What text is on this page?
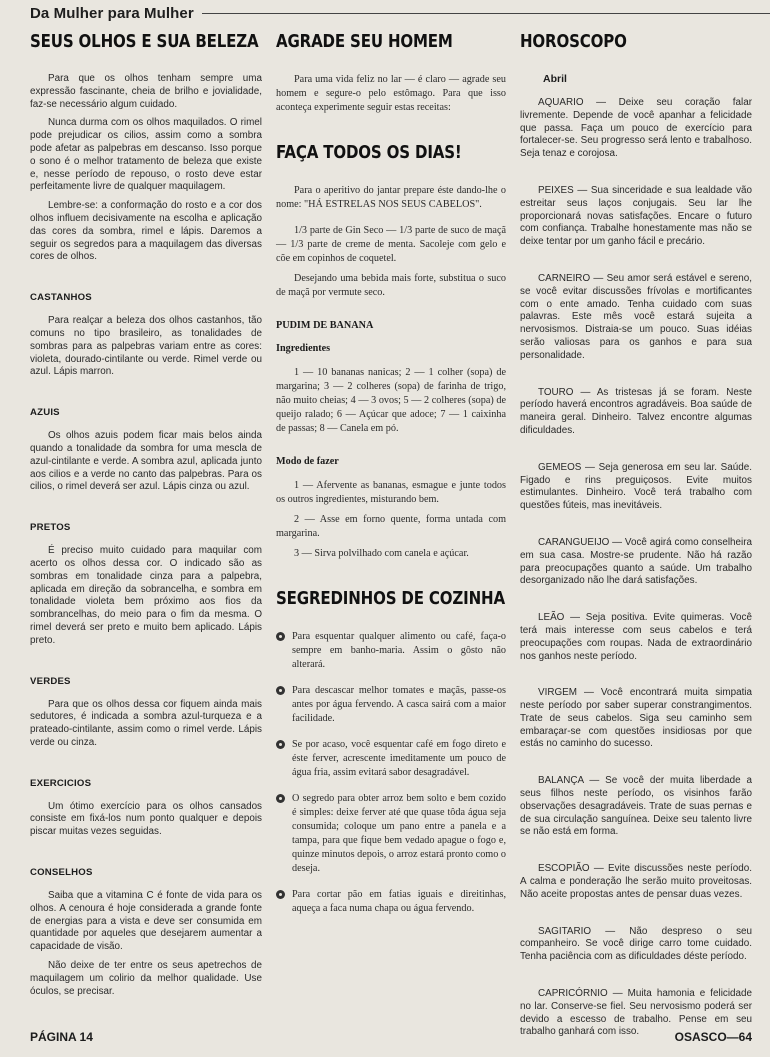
Da Mulher para Mulher
SEUS OLHOS E SUA BELEZA

Para que os olhos tenham sempre uma expressão fascinante, cheia de brilho e jovialidade, faz-se necessário algum cuidado.

Nunca durma com os olhos maquilados. O rimel pode prejudicar os cilios, assim como a sombra pode afetar as palpebras em descanso. Isso porque o sono é o melhor tratamento de beleza que existe e, nesse período de repouso, o rosto deve estar perfeitamente livre de qualquer maquilagem.

Lembre-se: a conformação do rosto e a cor dos olhos influem decisivamente na escolha e aplicação das cores da sombra, rimel e lápis. Daremos a seguir os segredos para a maquilagem das diversas cores de olhos.

CASTANHOS

Para realçar a beleza dos olhos castanhos, tão comuns no tipo brasileiro, as tonalidades de sombras para as palpebras variam entre as cores: violeta, dourado-cintilante ou verde. Rimel verde ou azul. Lápis marron.

AZUIS

Os olhos azuis podem ficar mais belos ainda quando a tonalidade da sombra for uma mescla de azul-cintilante e verde. A sombra azul, aplicada junto aos cilios e a verde no canto das palpebras. Para os cilios, o rimel deverá ser azul. Lápis cinza ou azul.

PRETOS

É preciso muito cuidado para maquilar com acerto os olhos dessa cor. O indicado são as sombras em tonalidade cinza para a palpebra, aplicada em direção da sobrancelha, e sombra em tonalidade violeta bem próximo aos fios da sombrancelhas, do meio para o fim da mesma. O rimel deverá ser preto e muito bem aplicado. Lápis preto.

VERDES

Para que os olhos dessa cor fiquem ainda mais sedutores, é indicada a sombra azul-turqueza e a prateado-cintilante, assim como o rimel verde. Lápis verde ou cinza.

EXERCICIOS

Um ótimo exercício para os olhos cansados consiste em fixá-los num ponto qualquer e depois piscar muitas vezes seguidas.

CONSELHOS

Saiba que a vitamina C é fonte de vida para os olhos. A cenoura é hoje considerada a grande fonte de energias para a vista e deve ser consumida em quantidade por aqueles que desejarem aumentar a capacidade de visão.

Não deixe de ter entre os seus apetrechos de maquilagem um colirio da melhor qualidade. Use óculos, se precisar.

AGRADE SEU HOMEM

Para uma vida feliz no lar — é claro — agrade seu homem e segure-o pelo estômago. Para que isso aconteça experimente seguir estas receitas:

FAÇA TODOS OS DIAS!

Para o aperitivo do jantar prepare éste dando-lhe o nome: "HÁ ESTRELAS NOS SEUS CABELOS".

1/3 parte de Gin Seco — 1/3 parte de suco de maçã — 1/3 parte de creme de menta. Sacoleje com gelo e cõe em copinhos de coquetel.

Desejando uma bebida mais forte, substitua o suco de maçã por vermute seco.

PUDIM DE BANANA

Ingredientes

1 — 10 bananas nanicas; 2 — 1 colher (sopa) de margarina; 3 — 2 colheres (sopa) de farinha de trigo, não muito cheias; 4 — 3 ovos; 5 — 2 colheres (sopa) de queijo ralado; 6 — Açúcar que adoce; 7 — 1 caixinha de passas; 8 — Canela em pó.

Modo de fazer

1 — Afervente as bananas, esmague e junte todos os outros ingredientes, misturando bem.

2 — Asse em forno quente, forma untada com margarina.

3 — Sirva polvilhado com canela e açúcar.

SEGREDINHOS DE COZINHA

Para esquentar qualquer alimento ou café, faça-o sempre em banho-maria. Assim o gôsto não alterará.

Para descascar melhor tomates e maçãs, passe-os antes por água fervendo. A casca sairá com a maior facilidade.

Se por acaso, você esquentar café em fogo direto e éste ferver, acrescente imeditamente um pouco de água fria, assim evitará sabor desagradável.

O segredo para obter arroz bem solto e bem cozido é simples: deixe ferver até que quase tôda água seja consumida; coloque um pano entre a panela e a tampa, para que fique bem vedado apague o fogo e, quinze minutos depois, o arroz estará pronto como o deseja.

Para cortar pão em fatias iguais e direitinhas, aqueça a faca numa chapa ou água fervendo.

HOROSCOPO

Abril

AQUARIO — Deixe seu coração falar livremente. Depende de você apanhar a felicidade que passa. Faça um pouco de exercício para fortalecer-se. Seu progresso será lento e trabalhoso. Seja tenaz e corojosa.

PEIXES — Sua sinceridade e sua lealdade vão estreitar seus laços conjugais. Seu lar lhe proporcionará novas satisfações. Encare o futuro com confiança. Trabalhe honestamente mas não se deixe tentar por um ganho fácil e precário.

CARNEIRO — Seu amor será estável e sereno, se você evitar discussões frívolas e mortificantes com o ente amado. Tenha cuidado com suas palavras. Este mês você estará sujeita a nervosismos. Distraia-se um pouco. Suas idéias serão valiosas para os ganhos e para sua personalidade.

TOURO — As tristesas já se foram. Neste período haverá encontros agradáveis. Boa saúde de maneira geral. Dinheiro. Talvez encontre algumas dificuldades.

GEMEOS — Seja generosa em seu lar. Saúde. Figado e rins preguiçosos. Evite muitos estimulantes. Dinheiro. Você terá trabalho com questões fúteis, mas inevitáveis.

CARANGUEIJO — Você agirá como conselheira em sua casa. Mostre-se prudente. Não há razão para preocupações quanto a saúde. Um trabalho desorganizado não lhe dará satisfações.

LEÃO — Seja positiva. Evite quimeras. Você terá mais interesse com seus cabelos e terá preocupações com roupas. Nada de extraordinário nos ganhos neste período.

VIRGEM — Você encontrará muita simpatia neste período por saber superar constrangimentos. Trate de seus cabelos. Siga seu caminho sem embaraçar-se com questões insidiosas por que estás no caminho do sucesso.

BALANÇA — Se você der muita liberdade a seus filhos neste período, os visinhos farão observações desagradáveis. Trate de suas pernas e de sua circulação sanguínea. Deixe seu talento livre se não está em forma.

ESCOPIÃO — Evite discussões neste período. A calma e ponderação lhe serão muito proveitosas. Não aceite propostas antes de pensar duas vezes.

SAGITARIO — Não despreso o seu companheiro. Se você dirige carro tome cuidado. Tenha paciência com as dificuldades déste período.

CAPRICÓRNIO — Muita hamonia e felicidade no lar. Conserve-se fiel. Seu nervosismo poderá ser devido a escesso de trabalho. Pense em seu trabalho ganhará com isso.

PÁGINA 14	OSASCO—64
